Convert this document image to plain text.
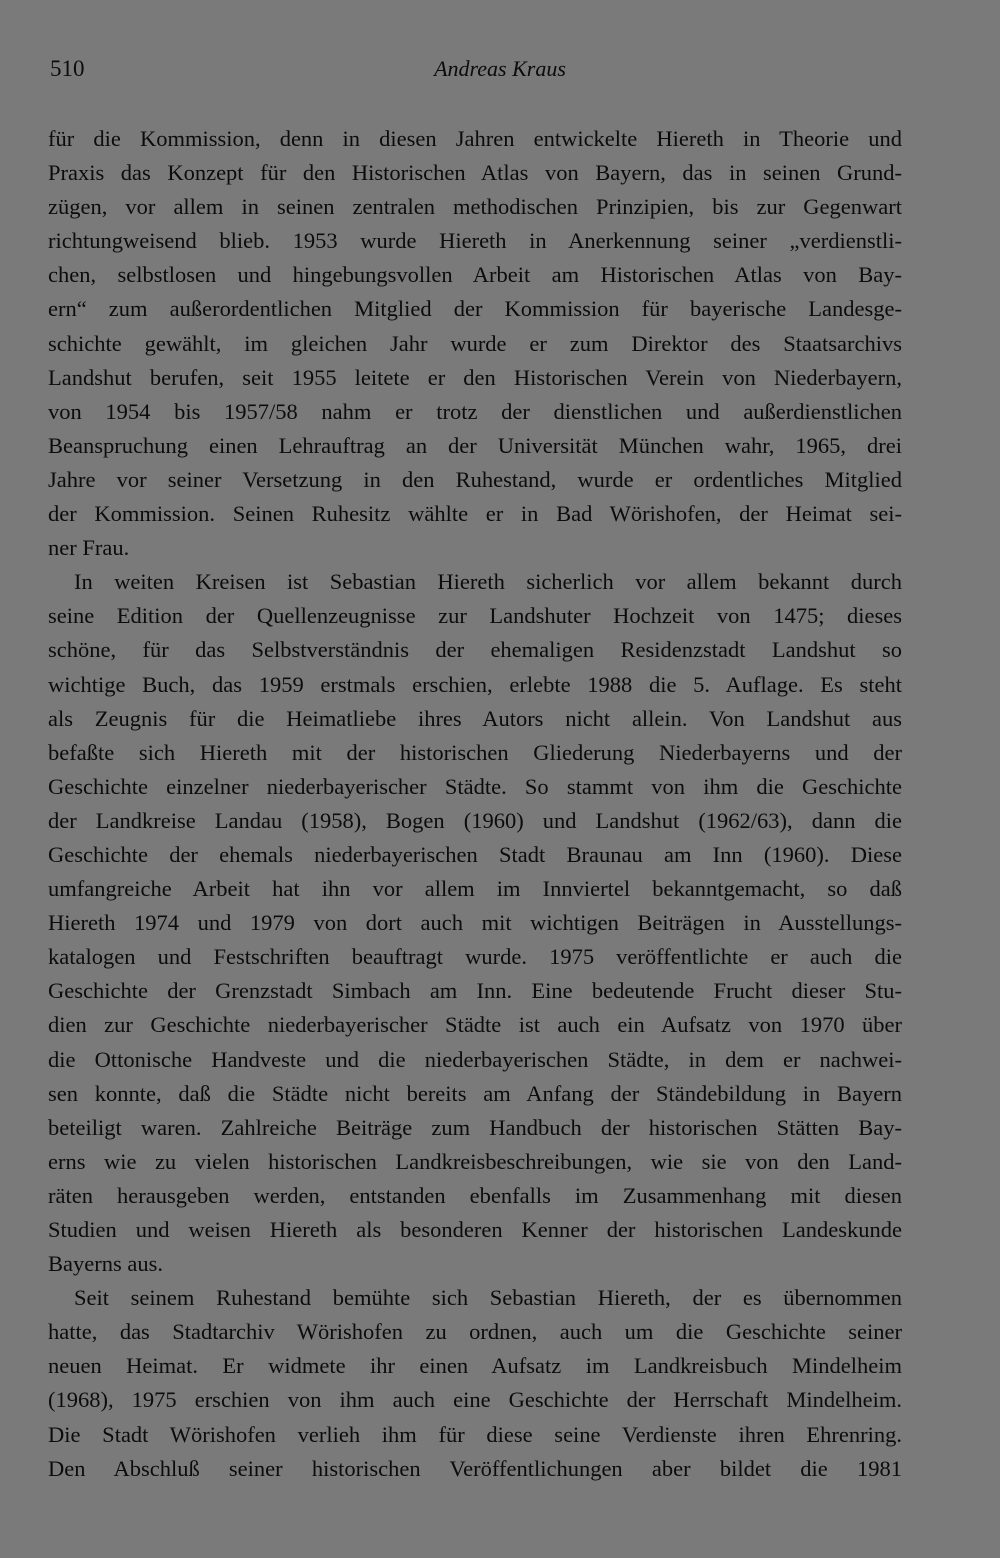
510	Andreas Kraus
für die Kommission, denn in diesen Jahren entwickelte Hiereth in Theorie und
Praxis das Konzept für den Historischen Atlas von Bayern, das in seinen Grund-
zügen, vor allem in seinen zentralen methodischen Prinzipien, bis zur Gegenwart
richtungweisend blieb. 1953 wurde Hiereth in Anerkennung seiner „verdienstli-
chen, selbstlosen und hingebungsvollen Arbeit am Historischen Atlas von Bay-
ern“ zum außerordentlichen Mitglied der Kommission für bayerische Landesge-
schichte gewählt, im gleichen Jahr wurde er zum Direktor des Staatsarchivs
Landshut berufen, seit 1955 leitete er den Historischen Verein von Niederbayern,
von 1954 bis 1957/58 nahm er trotz der dienstlichen und außerdienstlichen
Beanspruchung einen Lehrauftrag an der Universität München wahr, 1965, drei
Jahre vor seiner Versetzung in den Ruhestand, wurde er ordentliches Mitglied
der Kommission. Seinen Ruhesitz wählte er in Bad Wörishofen, der Heimat sei-
ner Frau.
In weiten Kreisen ist Sebastian Hiereth sicherlich vor allem bekannt durch
seine Edition der Quellenzeugnisse zur Landshuter Hochzeit von 1475; dieses
schöne, für das Selbstverständnis der ehemaligen Residenzstadt Landshut so
wichtige Buch, das 1959 erstmals erschien, erlebte 1988 die 5. Auflage. Es steht
als Zeugnis für die Heimatliebe ihres Autors nicht allein. Von Landshut aus
befaßte sich Hiereth mit der historischen Gliederung Niederbayerns und der
Geschichte einzelner niederbayerischer Städte. So stammt von ihm die Geschichte
der Landkreise Landau (1958), Bogen (1960) und Landshut (1962/63), dann die
Geschichte der ehemals niederbayerischen Stadt Braunau am Inn (1960). Diese
umfangreiche Arbeit hat ihn vor allem im Innviertel bekanntgemacht, so daß
Hiereth 1974 und 1979 von dort auch mit wichtigen Beiträgen in Ausstellungs-
katalogen und Festschriften beauftragt wurde. 1975 veröffentlichte er auch die
Geschichte der Grenzstadt Simbach am Inn. Eine bedeutende Frucht dieser Stu-
dien zur Geschichte niederbayerischer Städte ist auch ein Aufsatz von 1970 über
die Ottonische Handveste und die niederbayerischen Städte, in dem er nachwei-
sen konnte, daß die Städte nicht bereits am Anfang der Ständebildung in Bayern
beteiligt waren. Zahlreiche Beiträge zum Handbuch der historischen Stätten Bay-
erns wie zu vielen historischen Landkreisbeschreibungen, wie sie von den Land-
räten herausgeben werden, entstanden ebenfalls im Zusammenhang mit diesen
Studien und weisen Hiereth als besonderen Kenner der historischen Landeskunde
Bayerns aus.
Seit seinem Ruhestand bemühte sich Sebastian Hiereth, der es übernommen
hatte, das Stadtarchiv Wörishofen zu ordnen, auch um die Geschichte seiner
neuen Heimat. Er widmete ihr einen Aufsatz im Landkreisbuch Mindelheim
(1968), 1975 erschien von ihm auch eine Geschichte der Herrschaft Mindelheim.
Die Stadt Wörishofen verlieh ihm für diese seine Verdienste ihren Ehrenring.
Den Abschluß seiner historischen Veröffentlichungen aber bildet die 1981
